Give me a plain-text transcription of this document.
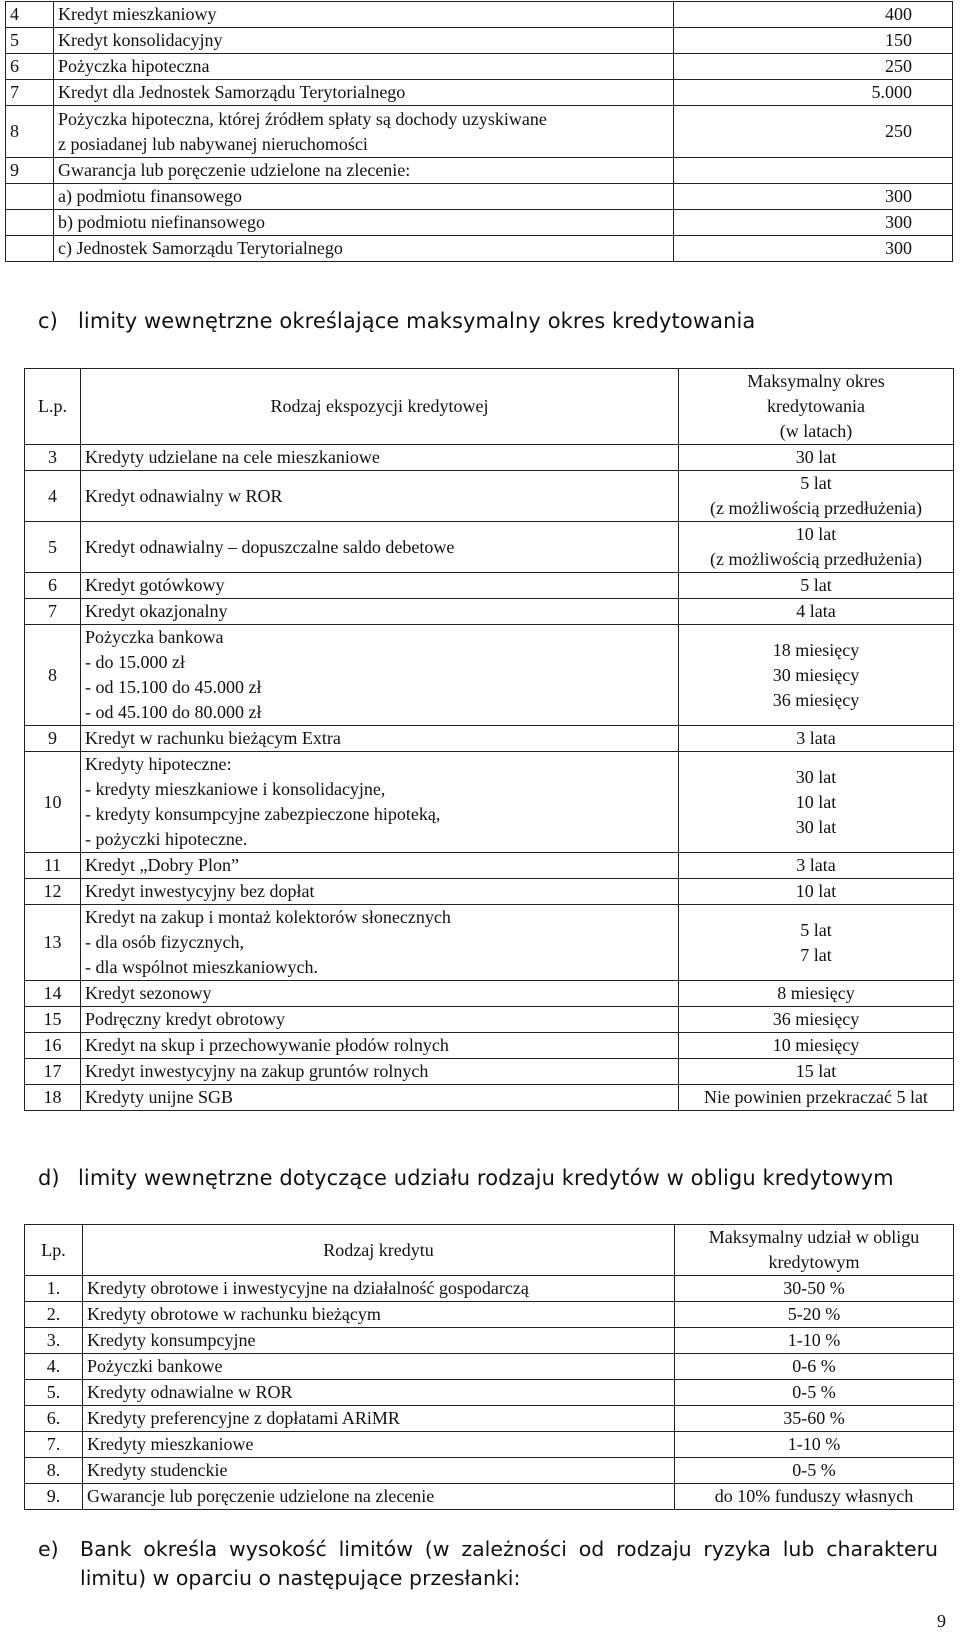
4	Kredyt mieszkaniowy	400
5	Kredyt konsolidacyjny	150
6	Pożyczka hipoteczna	250
7	Kredyt dla Jednostek Samorządu Terytorialnego	5.000
8	Pożyczka hipoteczna, której źródłem spłaty są dochody uzyskiwane
z posiadanej lub nabywanej nieruchomości	250
9	Gwarancja lub poręczenie udzielone na zlecenie:	
	a) podmiotu finansowego	300
	b) podmiotu niefinansowego	300
	c) Jednostek Samorządu Terytorialnego	300
c) limity wewnętrzne określające maksymalny okres kredytowania
L.p.	Rodzaj ekspozycji kredytowej	Maksymalny okres
kredytowania
(w latach)
3	Kredyty udzielane na cele mieszkaniowe	30 lat
4	Kredyt odnawialny w ROR	5 lat
(z możliwością przedłużenia)
5	Kredyt odnawialny – dopuszczalne saldo debetowe	10 lat
(z możliwością przedłużenia)
6	Kredyt gotówkowy	5 lat
7	Kredyt okazjonalny	4 lata
8	Pożyczka bankowa
- do 15.000 zł
- od 15.100 do 45.000 zł
- od 45.100 do 80.000 zł	18 miesięcy
30 miesięcy
36 miesięcy
9	Kredyt w rachunku bieżącym Extra	3 lata
10	Kredyty hipoteczne:
- kredyty mieszkaniowe i konsolidacyjne,
- kredyty konsumpcyjne zabezpieczone hipoteką,
- pożyczki hipoteczne.	30 lat
10 lat
30 lat
11	Kredyt „Dobry Plon”	3 lata
12	Kredyt inwestycyjny bez dopłat	10 lat
13	Kredyt na zakup i montaż kolektorów słonecznych
- dla osób fizycznych,
- dla wspólnot mieszkaniowych.	5 lat
7 lat
14	Kredyt sezonowy	8 miesięcy
15	Podręczny kredyt obrotowy	36 miesięcy
16	Kredyt na skup i przechowywanie płodów rolnych	10 miesięcy
17	Kredyt inwestycyjny na zakup gruntów rolnych	15 lat
18	Kredyty unijne SGB	Nie powinien przekraczać 5 lat
d) limity wewnętrzne dotyczące udziału rodzaju kredytów w obligu kredytowym
Lp.	Rodzaj kredytu	Maksymalny udział w obligu
kredytowym
1.	Kredyty obrotowe i inwestycyjne na działalność gospodarczą	30-50 %
2.	Kredyty obrotowe w rachunku bieżącym	5-20 %
3.	Kredyty konsumpcyjne	1-10 %
4.	Pożyczki bankowe	0-6 %
5.	Kredyty odnawialne w ROR	0-5 %
6.	Kredyty preferencyjne z dopłatami ARiMR	35-60 %
7.	Kredyty mieszkaniowe	1-10 %
8.	Kredyty studenckie	0-5 %
9.	Gwarancje lub poręczenie udzielone na zlecenie	do 10% funduszy własnych
e) Bank określa wysokość limitów (w zależności od rodzaju ryzyka lub charakteru limitu) w oparciu o następujące przesłanki:
9
